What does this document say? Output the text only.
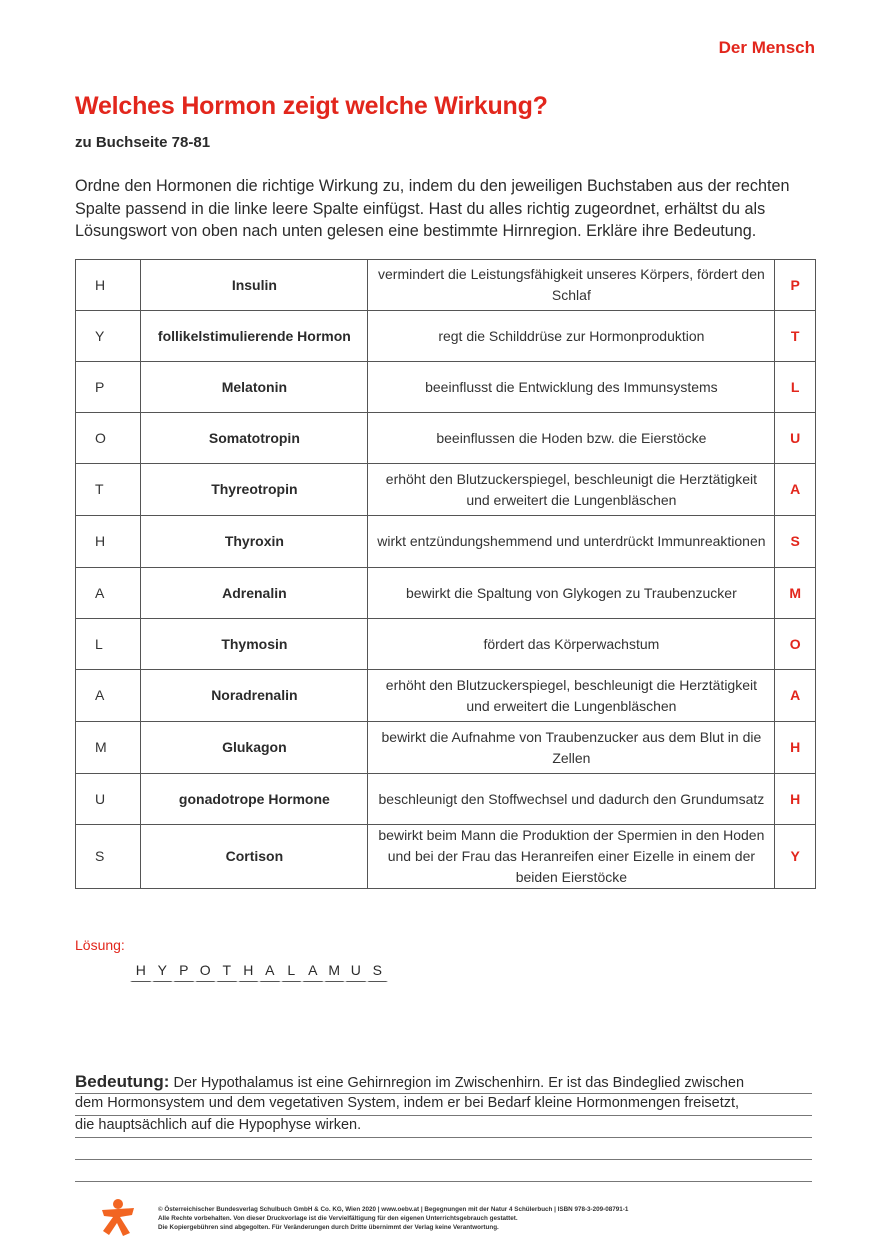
Der Mensch
Welches Hormon zeigt welche Wirkung?
zu Buchseite 78-81
Ordne den Hormonen die richtige Wirkung zu, indem du den jeweiligen Buchstaben aus der rechten Spalte passend in die linke leere Spalte einfügst. Hast du alles richtig zugeordnet, erhältst du als Lösungswort von oben nach unten gelesen eine bestimmte Hirnregion. Erkläre ihre Bedeutung.
H	Insulin	vermindert die Leistungsfähigkeit unseres Körpers, fördert den Schlaf	P
Y	follikelstimulierende Hormon	regt die Schilddrüse zur Hormonproduktion	T
P	Melatonin	beeinflusst die Entwicklung des Immunsystems	L
O	Somatotropin	beeinflussen die Hoden bzw. die Eierstöcke	U
T	Thyreotropin	erhöht den Blutzuckerspiegel, beschleunigt die Herztätigkeit und erweitert die Lungenbläschen	A
H	Thyroxin	wirkt entzündungshemmend und unterdrückt Immunreaktionen	S
A	Adrenalin	bewirkt die Spaltung von Glykogen zu Traubenzucker	M
L	Thymosin	fördert das Körperwachstum	O
A	Noradrenalin	erhöht den Blutzuckerspiegel, beschleunigt die Herztätigkeit und erweitert die Lungenbläschen	A
M	Glukagon	bewirkt die Aufnahme von Traubenzucker aus dem Blut in die Zellen	H
U	gonadotrope Hormone	beschleunigt den Stoffwechsel und dadurch den Grundumsatz	H
S	Cortison	bewirkt beim Mann die Produktion der Spermien in den Hoden und bei der Frau das Heranreifen einer Eizelle in einem der beiden Eierstöcke	Y
Lösung:
H Y P O T H A L A M U S
Bedeutung: Der Hypothalamus ist eine Gehirnregion im Zwischenhirn. Er ist das Bindeglied zwischen
dem Hormonsystem und dem vegetativen System, indem er bei Bedarf kleine Hormonmengen freisetzt,
die hauptsächlich auf die Hypophyse wirken.
© Österreichischer Bundesverlag Schulbuch GmbH & Co. KG, Wien 2020 | www.oebv.at | Begegnungen mit der Natur 4 Schülerbuch | ISBN 978-3-209-08791-1
Alle Rechte vorbehalten. Von dieser Druckvorlage ist die Vervielfältigung für den eigenen Unterrichtsgebrauch gestattet.
Die Kopiergebühren sind abgegolten. Für Veränderungen durch Dritte übernimmt der Verlag keine Verantwortung.
